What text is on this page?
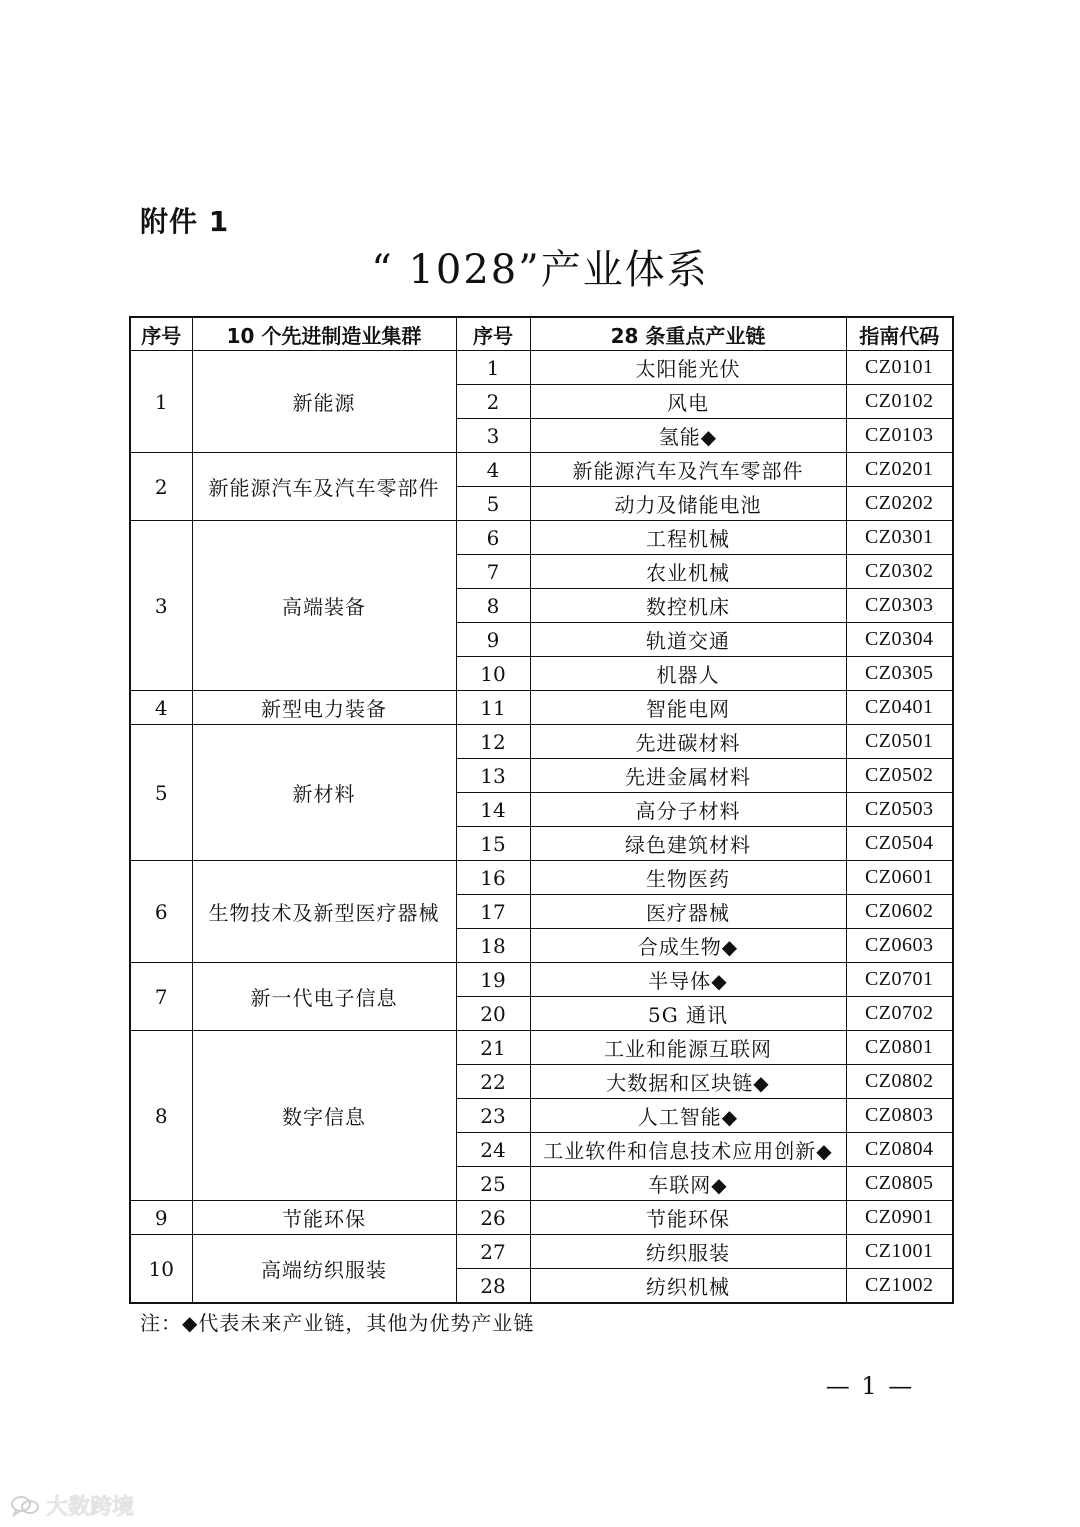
附件 1
“ 1028”产业体系
序号	10 个先进制造业集群	序号	28 条重点产业链	指南代码
1	新能源	1	太阳能光伏	CZ0101
		2	风电	CZ0102
		3	氢能◆	CZ0103
2	新能源汽车及汽车零部件	4	新能源汽车及汽车零部件	CZ0201
		5	动力及储能电池	CZ0202
3	高端装备	6	工程机械	CZ0301
		7	农业机械	CZ0302
		8	数控机床	CZ0303
		9	轨道交通	CZ0304
		10	机器人	CZ0305
4	新型电力装备	11	智能电网	CZ0401
5	新材料	12	先进碳材料	CZ0501
		13	先进金属材料	CZ0502
		14	高分子材料	CZ0503
		15	绿色建筑材料	CZ0504
6	生物技术及新型医疗器械	16	生物医药	CZ0601
		17	医疗器械	CZ0602
		18	合成生物◆	CZ0603
7	新一代电子信息	19	半导体◆	CZ0701
		20	5G 通讯	CZ0702
8	数字信息	21	工业和能源互联网	CZ0801
		22	大数据和区块链◆	CZ0802
		23	人工智能◆	CZ0803
		24	工业软件和信息技术应用创新◆	CZ0804
		25	车联网◆	CZ0805
9	节能环保	26	节能环保	CZ0901
10	高端纺织服装	27	纺织服装	CZ1001
		28	纺织机械	CZ1002
注：◆代表未来产业链，其他为优势产业链
— 1 —
大数跨境
